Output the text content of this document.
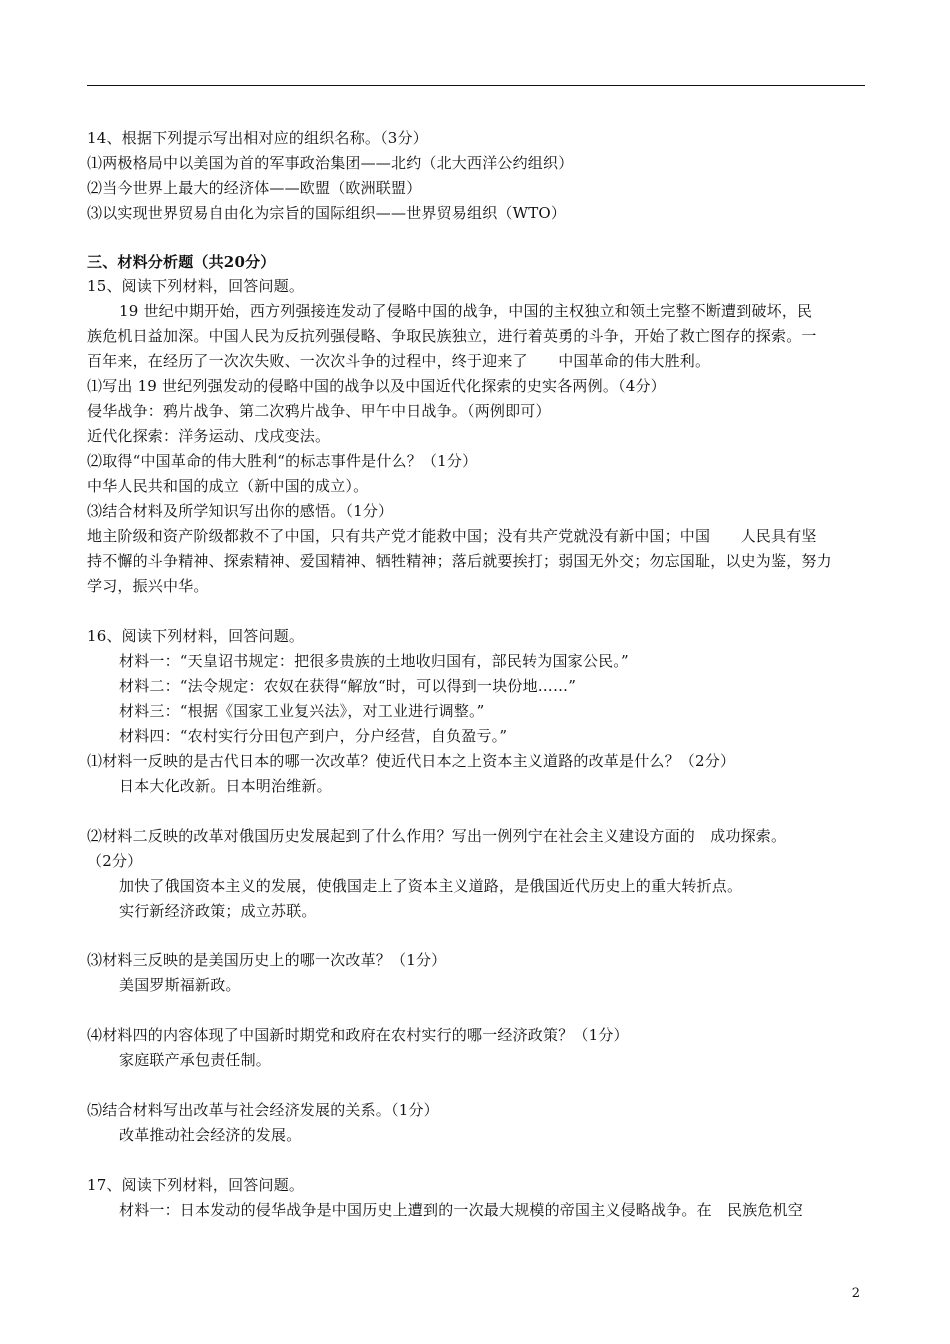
14、根据下列提示写出相对应的组织名称。（3分）
⑴两极格局中以美国为首的军事政治集团——北约（北大西洋公约组织）
⑵当今世界上最大的经济体——欧盟（欧洲联盟）
⑶以实现世界贸易自由化为宗旨的国际组织——世界贸易组织（WTO）
三、材料分析题（共20分）
15、阅读下列材料，回答问题。
19 世纪中期开始，西方列强接连发动了侵略中国的战争，中国的主权独立和领土完整不断遭到破坏，民
族危机日益加深。中国人民为反抗列强侵略、争取民族独立，进行着英勇的斗争，开始了救亡图存的探索。一
百年来，在经历了一次次失败、一次次斗争的过程中，终于迎来了　　中国革命的伟大胜利。
⑴写出 19 世纪列强发动的侵略中国的战争以及中国近代化探索的史实各两例。（4分）
侵华战争：鸦片战争、第二次鸦片战争、甲午中日战争。（两例即可）
近代化探索：洋务运动、戊戌变法。
⑵取得“中国革命的伟大胜利“的标志事件是什么？（1分）
中华人民共和国的成立（新中国的成立）。
⑶结合材料及所学知识写出你的感悟。（1分）
地主阶级和资产阶级都救不了中国，只有共产党才能救中国；没有共产党就没有新中国；中国　　人民具有坚
持不懈的斗争精神、探索精神、爱国精神、牺牲精神；落后就要挨打；弱国无外交；勿忘国耻，以史为鉴，努力
学习，振兴中华。
16、阅读下列材料，回答问题。
材料一：“天皇诏书规定：把很多贵族的土地收归国有，部民转为国家公民。”
材料二：“法令规定：农奴在获得“解放“时，可以得到一块份地……”
材料三：“根据《国家工业复兴法》，对工业进行调整。”
材料四：“农村实行分田包产到户，分户经营，自负盈亏。”
⑴材料一反映的是古代日本的哪一次改革？使近代日本之上资本主义道路的改革是什么？（2分）
日本大化改新。日本明治维新。
⑵材料二反映的改革对俄国历史发展起到了什么作用？写出一例列宁在社会主义建设方面的　成功探索。
（2分）
加快了俄国资本主义的发展，使俄国走上了资本主义道路，是俄国近代历史上的重大转折点。
实行新经济政策；成立苏联。
⑶材料三反映的是美国历史上的哪一次改革？（1分）
美国罗斯福新政。
⑷材料四的内容体现了中国新时期党和政府在农村实行的哪一经济政策？（1分）
家庭联产承包责任制。
⑸结合材料写出改革与社会经济发展的关系。（1分）
改革推动社会经济的发展。
17、阅读下列材料，回答问题。
材料一：日本发动的侵华战争是中国历史上遭到的一次最大规模的帝国主义侵略战争。在　民族危机空
2
